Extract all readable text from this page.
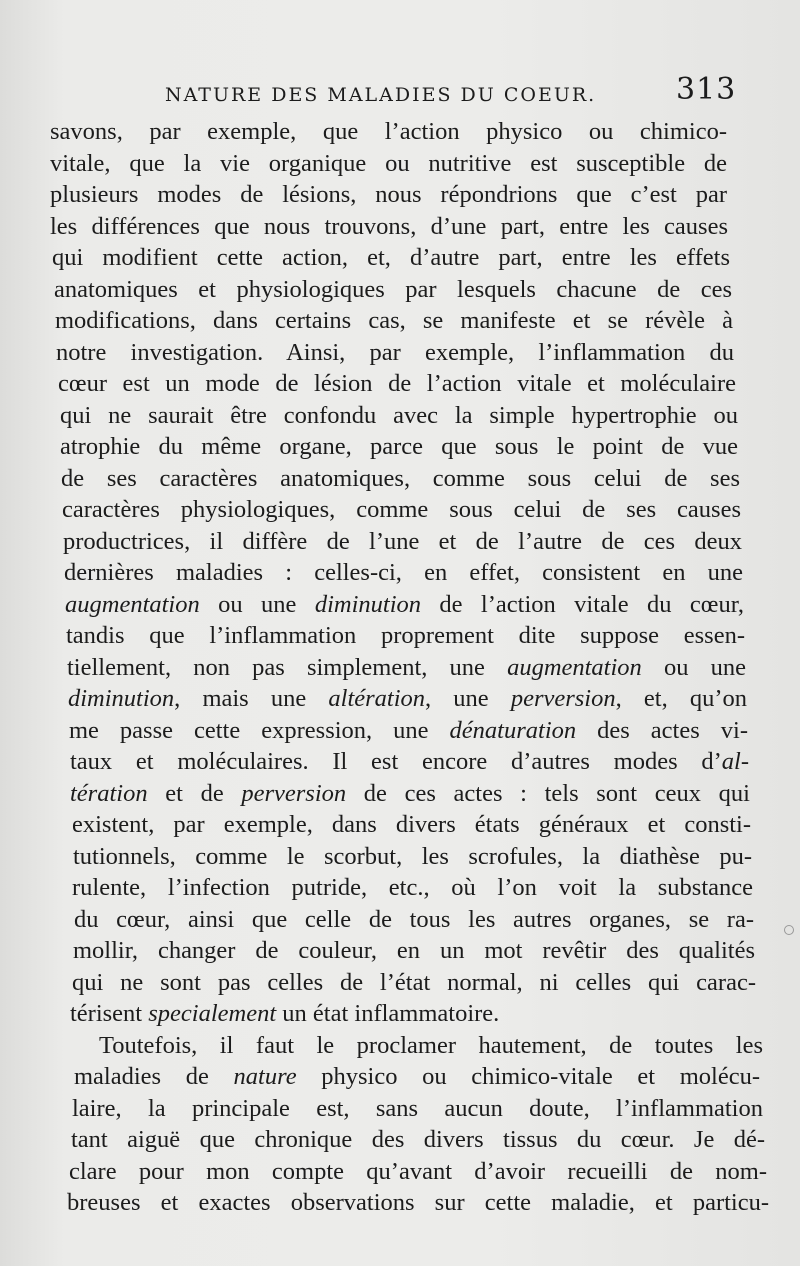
NATURE DES MALADIES DU COEUR.	313
savons, par exemple, que l’action physico ou chimico-
vitale, que la vie organique ou nutritive est susceptible de
plusieurs modes de lésions, nous répondrions que c’est par
les différences que nous trouvons, d’une part, entre les causes
qui modifient cette action, et, d’autre part, entre les effets
anatomiques et physiologiques par lesquels chacune de ces
modifications, dans certains cas, se manifeste et se révèle à
notre investigation. Ainsi, par exemple, l’inflammation du
cœur est un mode de lésion de l’action vitale et moléculaire
qui ne saurait être confondu avec la simple hypertrophie ou
atrophie du même organe, parce que sous le point de vue
de ses caractères anatomiques, comme sous celui de ses
caractères physiologiques, comme sous celui de ses causes
productrices, il diffère de l’une et de l’autre de ces deux
dernières maladies : celles-ci, en effet, consistent en une
augmentation ou une diminution de l’action vitale du cœur,
tandis que l’inflammation proprement dite suppose essen-
tiellement, non pas simplement, une augmentation ou une
diminution, mais une altération, une perversion, et, qu’on
me passe cette expression, une dénaturation des actes vi-
taux et moléculaires. Il est encore d’autres modes d’al-
tération et de perversion de ces actes : tels sont ceux qui
existent, par exemple, dans divers états généraux et consti-
tutionnels, comme le scorbut, les scrofules, la diathèse pu-
rulente, l’infection putride, etc., où l’on voit la substance
du cœur, ainsi que celle de tous les autres organes, se ra-
mollir, changer de couleur, en un mot revêtir des qualités
qui ne sont pas celles de l’état normal, ni celles qui carac-
térisent specialement un état inflammatoire.
Toutefois, il faut le proclamer hautement, de toutes les
maladies de nature physico ou chimico-vitale et molécu-
laire, la principale est, sans aucun doute, l’inflammation
tant aiguë que chronique des divers tissus du cœur. Je dé-
clare pour mon compte qu’avant d’avoir recueilli de nom-
breuses et exactes observations sur cette maladie, et particu-
